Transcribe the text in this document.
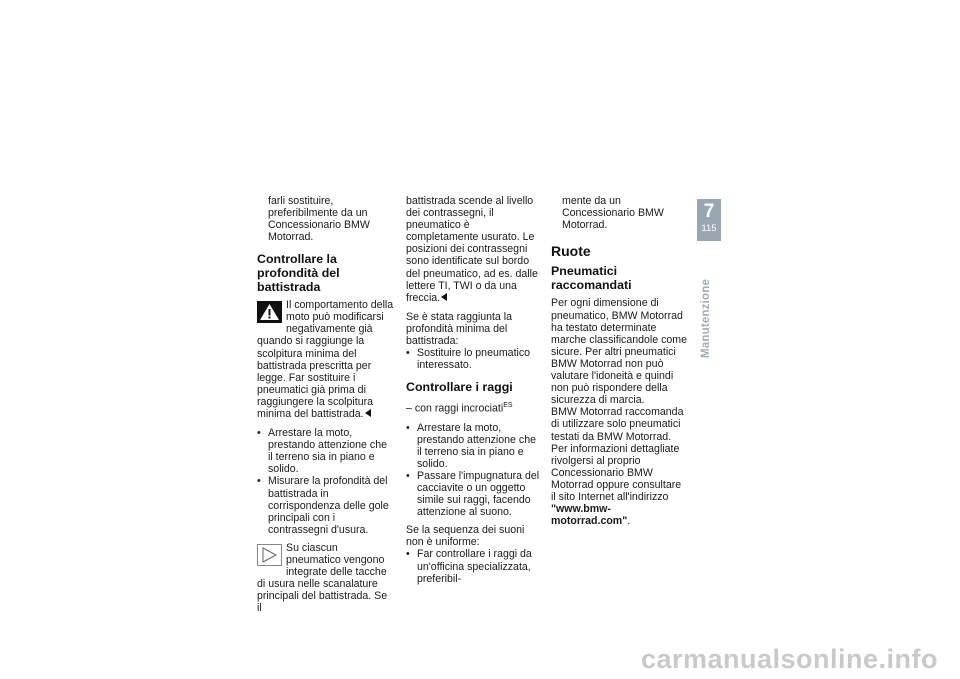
farli sostituire, preferibilmente da un Concessionario BMW Motorrad.
Controllare la profondità del battistrada
Il comportamento della moto può modificarsi negativamente già quando si raggiunge la scolpitura minima del battistrada prescritta per legge. Far sostituire i pneumatici già prima di raggiungere la scolpitura minima del battistrada.
• Arrestare la moto, prestando attenzione che il terreno sia in piano e solido.
• Misurare la profondità del battistrada in corrispondenza delle gole principali con i contrassegni d'usura.
Su ciascun pneumatico vengono integrate delle tacche di usura nelle scanalature principali del battistrada. Se il
battistrada scende al livello dei contrassegni, il pneumatico è completamente usurato. Le posizioni dei contrassegni sono identificate sul bordo del pneumatico, ad es. dalle lettere TI, TWI o da una freccia.
Se è stata raggiunta la profondità minima del battistrada:
• Sostituire lo pneumatico interessato.
Controllare i raggi
– con raggi incrociati$^{ES}$
• Arrestare la moto, prestando attenzione che il terreno sia in piano e solido.
• Passare l'impugnatura del cacciavite o un oggetto simile sui raggi, facendo attenzione al suono.
Se la sequenza dei suoni non è uniforme:
• Far controllare i raggi da un'officina specializzata, preferibil-
mente da un Concessionario BMW Motorrad.
Ruote
Pneumatici raccomandati
Per ogni dimensione di pneumatico, BMW Motorrad ha testato determinate marche classificandole come sicure. Per altri pneumatici BMW Motorrad non può valutare l'idoneità e quindi non può rispondere della sicurezza di marcia.
BMW Motorrad raccomanda di utilizzare solo pneumatici testati da BMW Motorrad.
Per informazioni dettagliate rivolgersi al proprio Concessionario BMW Motorrad oppure consultare il sito Internet all'indirizzo "www.bmw-motorrad.com".
7
115
Manutenzione
carmanualsonline.info
